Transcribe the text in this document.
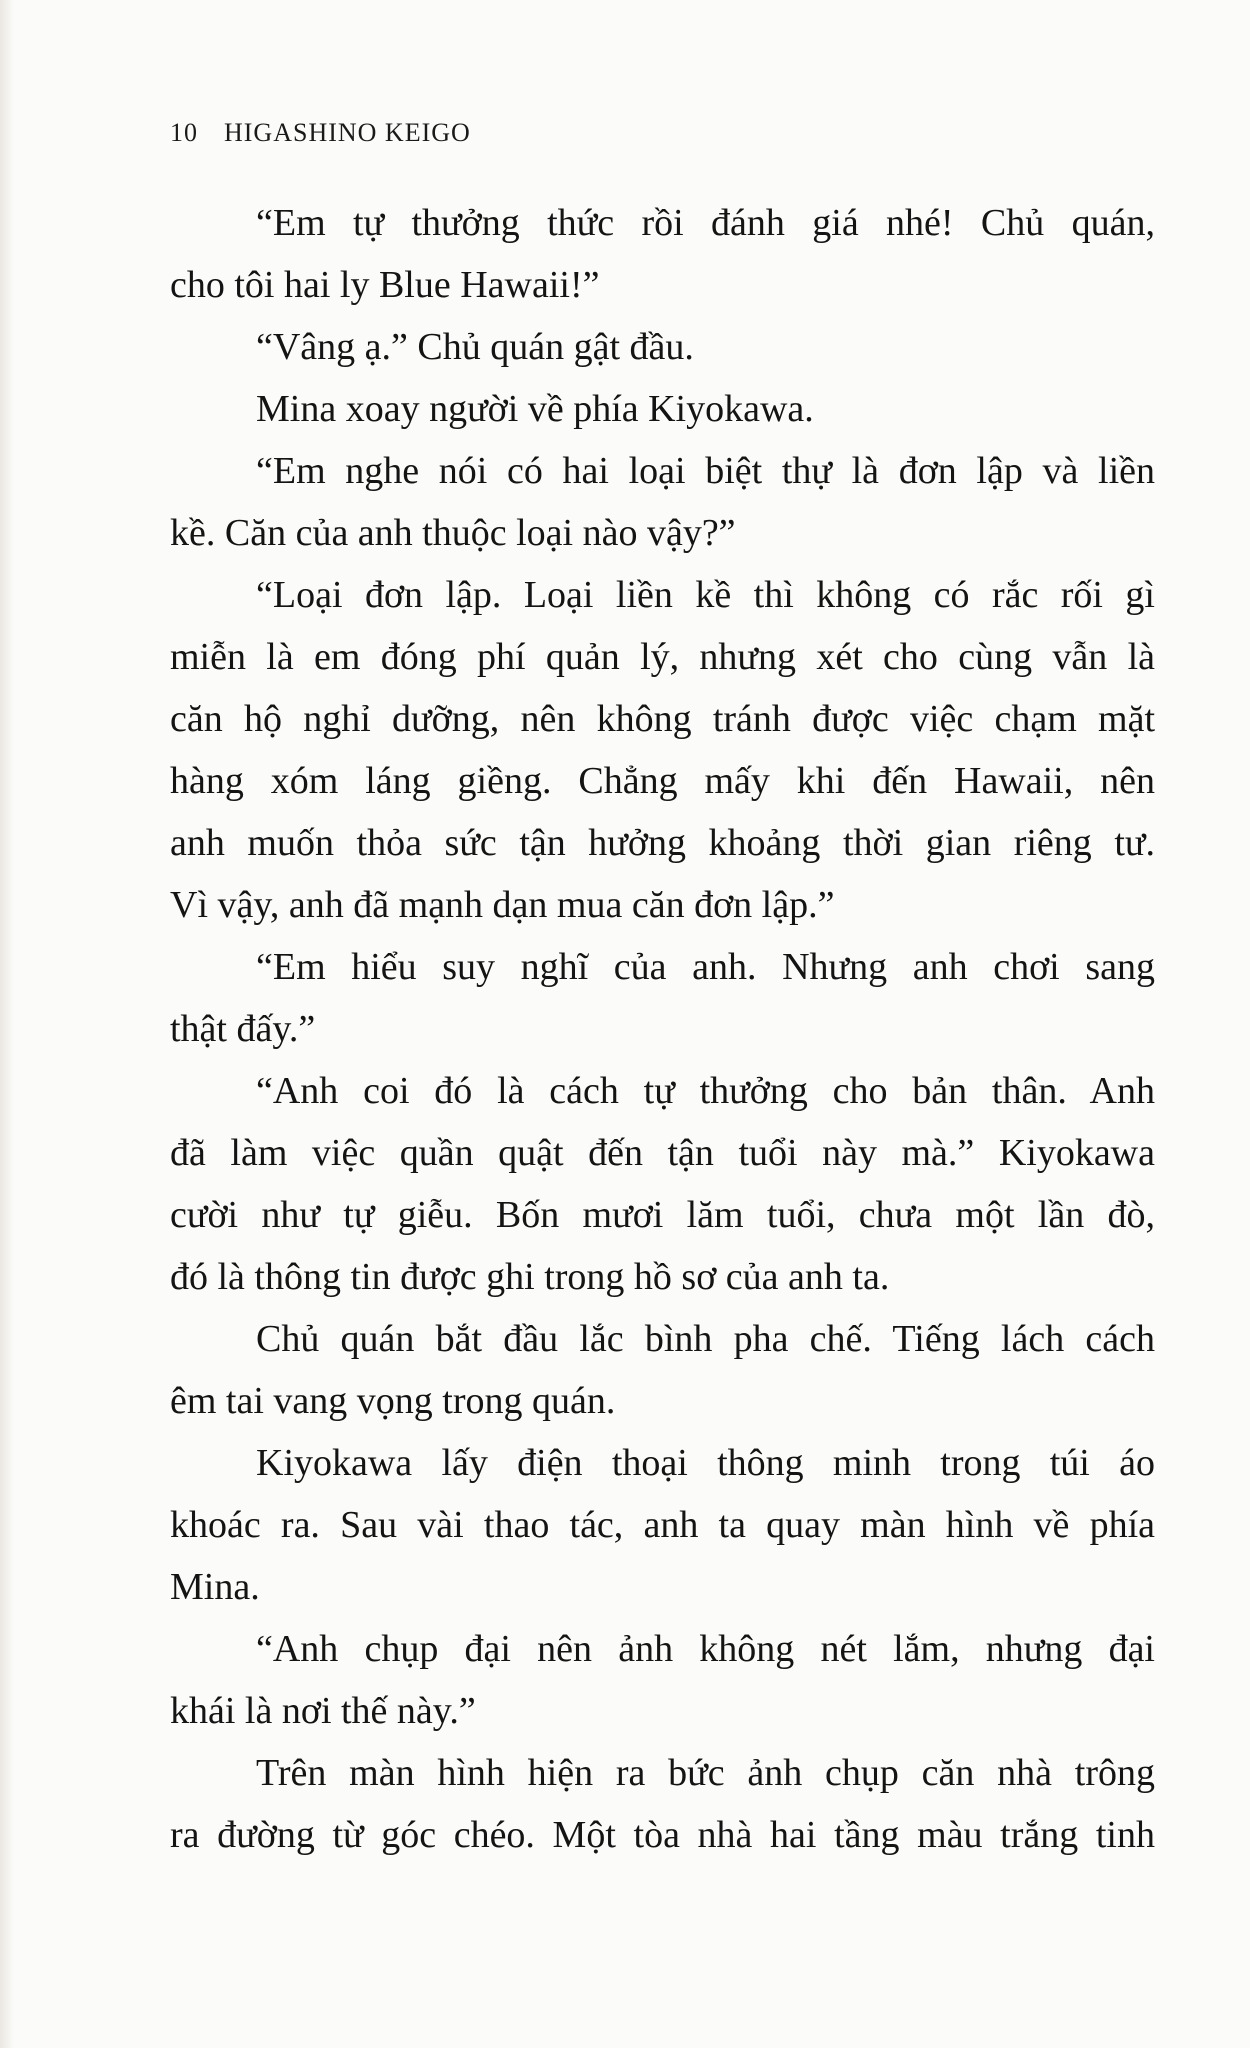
10 HIGASHINO KEIGO

“Em tự thưởng thức rồi đánh giá nhé! Chủ quán,
cho tôi hai ly Blue Hawaii!”

“Vâng ạ.” Chủ quán gật đầu.

Mina xoay người về phía Kiyokawa.

“Em nghe nói có hai loại biệt thự là đơn lập và liền
kề. Căn của anh thuộc loại nào vậy?”

“Loại đơn lập. Loại liền kề thì không có rắc rối gì
miễn là em đóng phí quản lý, nhưng xét cho cùng vẫn là
căn hộ nghỉ dưỡng, nên không tránh được việc chạm mặt
hàng xóm láng giềng. Chẳng mấy khi đến Hawaii, nên
anh muốn thỏa sức tận hưởng khoảng thời gian riêng tư.
Vì vậy, anh đã mạnh dạn mua căn đơn lập.”

“Em hiểu suy nghĩ của anh. Nhưng anh chơi sang
thật đấy.”

“Anh coi đó là cách tự thưởng cho bản thân. Anh
đã làm việc quần quật đến tận tuổi này mà.” Kiyokawa
cười như tự giễu. Bốn mươi lăm tuổi, chưa một lần đò,
đó là thông tin được ghi trong hồ sơ của anh ta.

Chủ quán bắt đầu lắc bình pha chế. Tiếng lách cách
êm tai vang vọng trong quán.

Kiyokawa lấy điện thoại thông minh trong túi áo
khoác ra. Sau vài thao tác, anh ta quay màn hình về phía
Mina.

“Anh chụp đại nên ảnh không nét lắm, nhưng đại
khái là nơi thế này.”

Trên màn hình hiện ra bức ảnh chụp căn nhà trông
ra đường từ góc chéo. Một tòa nhà hai tầng màu trắng tinh
